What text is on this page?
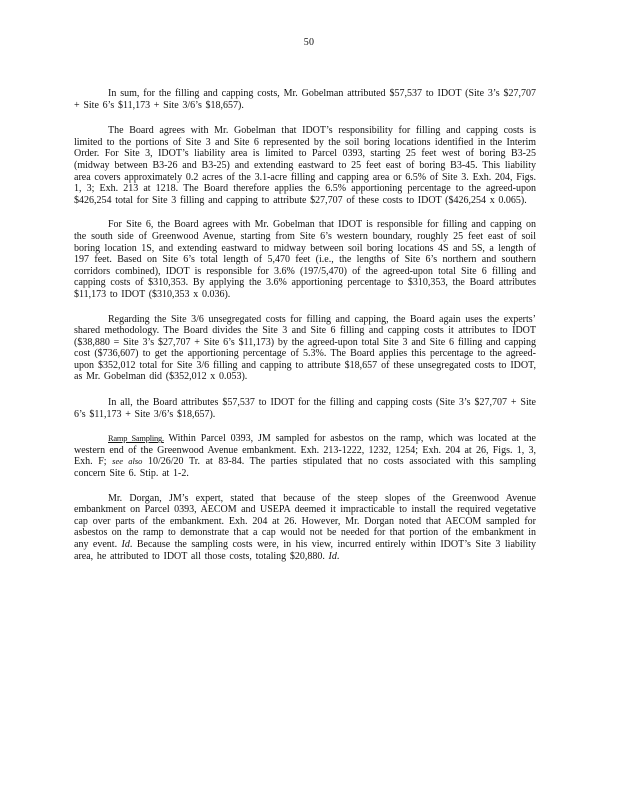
50

In sum, for the filling and capping costs, Mr. Gobelman attributed $57,537 to IDOT (Site 3’s $27,707 + Site 6’s $11,173 + Site 3/6’s $18,657).

The Board agrees with Mr. Gobelman that IDOT’s responsibility for filling and capping costs is limited to the portions of Site 3 and Site 6 represented by the soil boring locations identified in the Interim Order. For Site 3, IDOT’s liability area is limited to Parcel 0393, starting 25 feet west of boring B3-25 (midway between B3-26 and B3-25) and extending eastward to 25 feet east of boring B3-45. This liability area covers approximately 0.2 acres of the 3.1-acre filling and capping area or 6.5% of Site 3. Exh. 204, Figs. 1, 3; Exh. 213 at 1218. The Board therefore applies the 6.5% apportioning percentage to the agreed-upon $426,254 total for Site 3 filling and capping to attribute $27,707 of these costs to IDOT ($426,254 x 0.065).

For Site 6, the Board agrees with Mr. Gobelman that IDOT is responsible for filling and capping on the south side of Greenwood Avenue, starting from Site 6’s western boundary, roughly 25 feet east of soil boring location 1S, and extending eastward to midway between soil boring locations 4S and 5S, a length of 197 feet. Based on Site 6’s total length of 5,470 feet (i.e., the lengths of Site 6’s northern and southern corridors combined), IDOT is responsible for 3.6% (197/5,470) of the agreed-upon total Site 6 filling and capping costs of $310,353. By applying the 3.6% apportioning percentage to $310,353, the Board attributes $11,173 to IDOT ($310,353 x 0.036).

Regarding the Site 3/6 unsegregated costs for filling and capping, the Board again uses the experts’ shared methodology. The Board divides the Site 3 and Site 6 filling and capping costs it attributes to IDOT ($38,880 = Site 3’s $27,707 + Site 6’s $11,173) by the agreed-upon total Site 3 and Site 6 filling and capping cost ($736,607) to get the apportioning percentage of 5.3%. The Board applies this percentage to the agreed-upon $352,012 total for Site 3/6 filling and capping to attribute $18,657 of these unsegregated costs to IDOT, as Mr. Gobelman did ($352,012 x 0.053).

In all, the Board attributes $57,537 to IDOT for the filling and capping costs (Site 3’s $27,707 + Site 6’s $11,173 + Site 3/6’s $18,657).

Ramp Sampling. Within Parcel 0393, JM sampled for asbestos on the ramp, which was located at the western end of the Greenwood Avenue embankment. Exh. 213-1222, 1232, 1254; Exh. 204 at 26, Figs. 1, 3, Exh. F; see also 10/26/20 Tr. at 83-84. The parties stipulated that no costs associated with this sampling concern Site 6. Stip. at 1-2.

Mr. Dorgan, JM’s expert, stated that because of the steep slopes of the Greenwood Avenue embankment on Parcel 0393, AECOM and USEPA deemed it impracticable to install the required vegetative cap over parts of the embankment. Exh. 204 at 26. However, Mr. Dorgan noted that AECOM sampled for asbestos on the ramp to demonstrate that a cap would not be needed for that portion of the embankment in any event. Id. Because the sampling costs were, in his view, incurred entirely within IDOT’s Site 3 liability area, he attributed to IDOT all those costs, totaling $20,880. Id.
